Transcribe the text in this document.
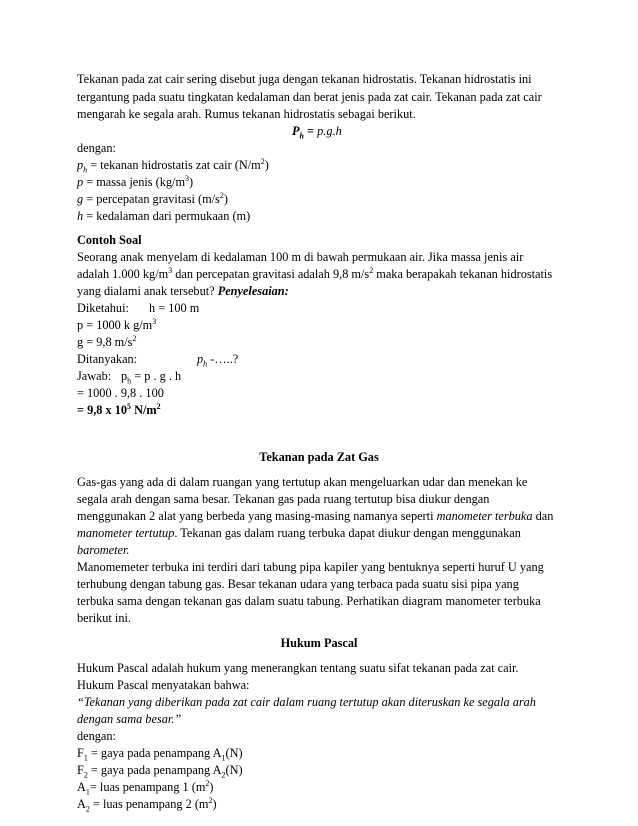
Tekanan pada zat cair sering disebut juga dengan tekanan hidrostatis. Tekanan hidrostatis ini
tergantung pada suatu tingkatan kedalaman dan berat jenis pada zat cair. Tekanan pada zat cair
mengarah ke segala arah. Rumus tekanan hidrostatis sebagai berikut.
$P_h = p.g.h$
dengan:
$p_h$ = tekanan hidrostatis zat cair $(N/m^2)$
p = massa jenis $(kg/m^3)$
g = percepatan gravitasi $(m/s^2)$
h = kedalaman dari permukaan (m)
Contoh Soal
Seorang anak menyelam di kedalaman 100 m di bawah permukaan air. Jika massa jenis air
adalah 1.000 $kg/m^3$ dan percepatan gravitasi adalah 9,8 $m/s^2$ maka berapakah tekanan hidrostatis
yang dialami anak tersebut? Penyelesaian:
Diketahui: h = 100 m
p = 1000 k $g/m^3$
g = 9,8 $m/s^2$
Ditanyakan:	$p_h$ -…..?
$Jawab:p_h = p$ . g . h
= 1000 . 9,8 . 100
= 9,8 x $10^5$ $N/m^2$
Tekanan pada Zat Gas
Gas-gas yang ada di dalam ruangan yang tertutup akan mengeluarkan udar dan menekan ke
segala arah dengan sama besar. Tekanan gas pada ruang tertutup bisa diukur dengan
menggunakan 2 alat yang berbeda yang masing-masing namanya seperti manometer terbuka dan
manometer tertutup. Tekanan gas dalam ruang terbuka dapat diukur dengan menggunakan
barometer.
Manomemeter terbuka ini terdiri dari tabung pipa kapiler yang bentuknya seperti huruf U yang
terhubung dengan tabung gas. Besar tekanan udara yang terbaca pada suatu sisi pipa yang
terbuka sama dengan tekanan gas dalam suatu tabung. Perhatikan diagram manometer terbuka
berikut ini.
Hukum Pascal
Hukum Pascal adalah hukum yang menerangkan tentang suatu sifat tekanan pada zat cair.
Hukum Pascal menyatakan bahwa:
“Tekanan yang diberikan pada zat cair dalam ruang tertutup akan diteruskan ke segala arah
dengan sama besar.”
dengan:
$F_1$ = gaya pada penampang $A_1(N)$
$F_2$ = gaya pada penampang $A_2(N)$
$A_1=$ luas penampang 1 $(m^2)$
$A_2$ = luas penampang 2 $(m^2)$
